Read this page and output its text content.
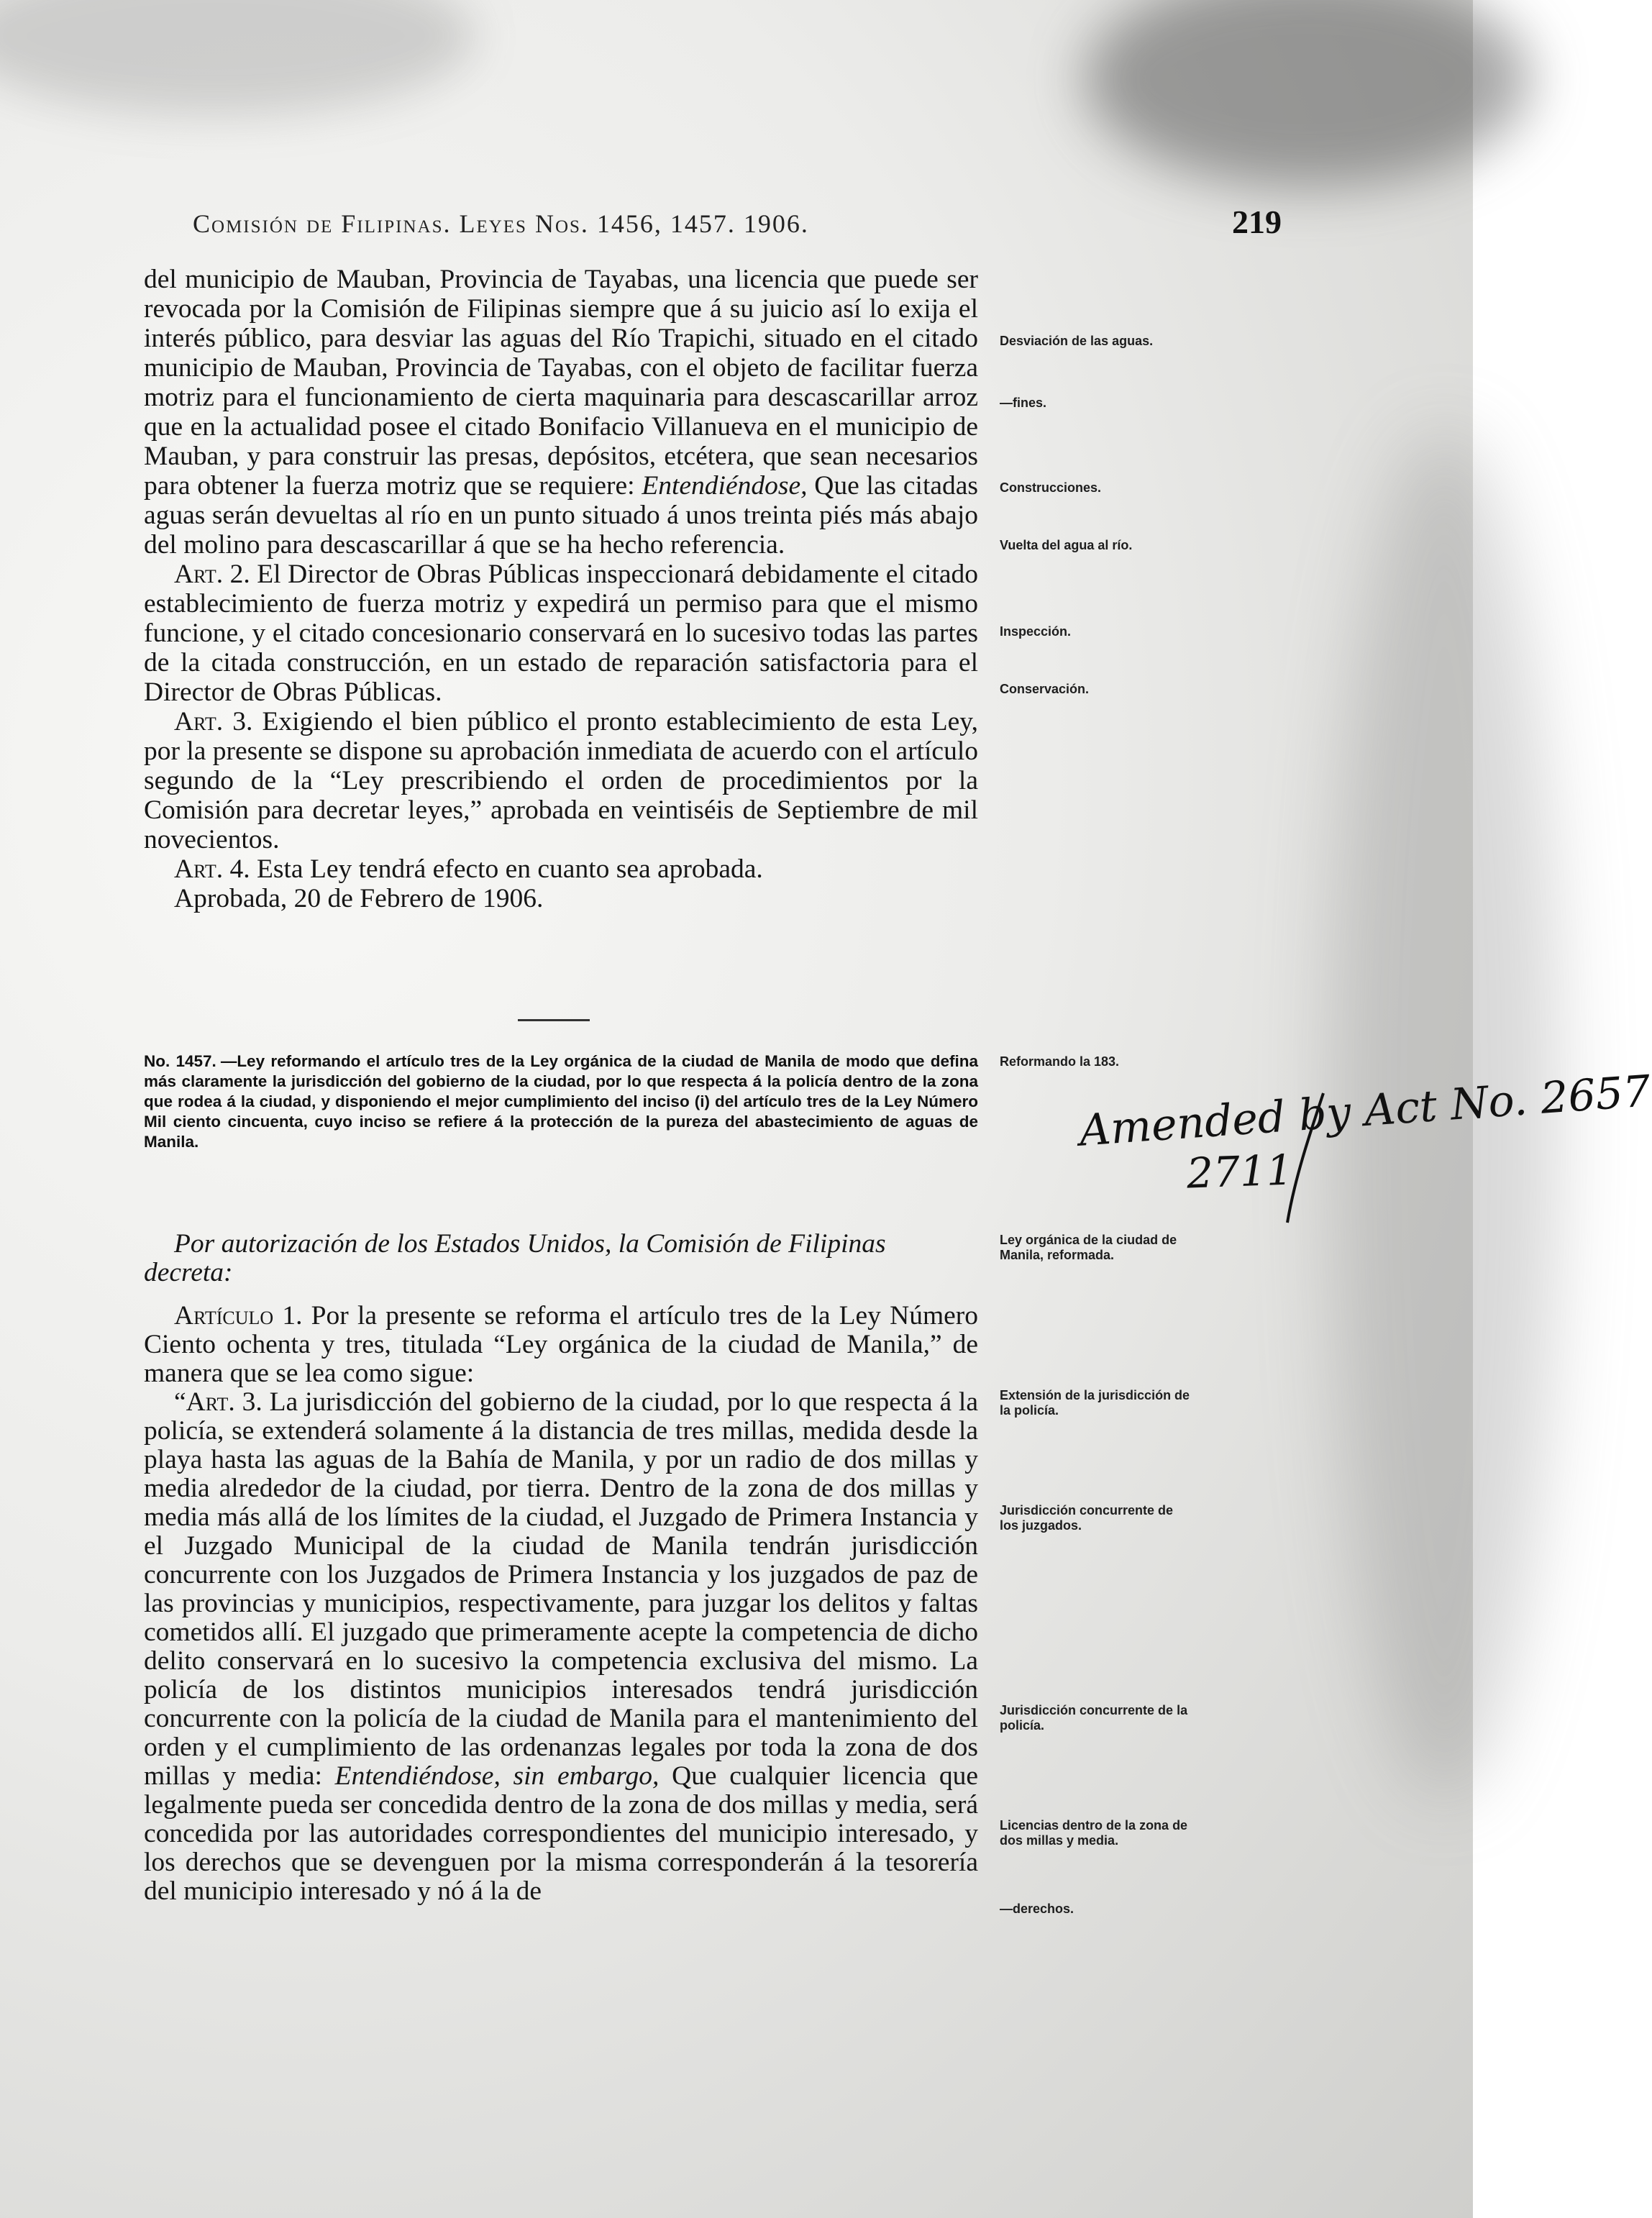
Comisión de Filipinas. Leyes Nos. 1456, 1457. 1906.	219

del municipio de Mauban, Provincia de Tayabas, una licencia que puede ser revocada por la Comisión de Filipinas siempre que á su juicio así lo exija el interés público, para desviar las aguas del Río Trapichi, situado en el citado municipio de Mauban, Provincia de Tayabas, con el objeto de facilitar fuerza motriz para el funcionamiento de cierta maquinaria para descascarillar arroz que en la actualidad posee el citado Bonifacio Villanueva en el municipio de Mauban, y para construir las presas, depósitos, etcétera, que sean necesarios para obtener la fuerza motriz que se requiere: Entendiéndose, Que las citadas aguas serán devueltas al río en un punto situado á unos treinta piés más abajo del molino para descascarillar á que se ha hecho referencia.

Art. 2. El Director de Obras Públicas inspeccionará debidamente el citado establecimiento de fuerza motriz y expedirá un permiso para que el mismo funcione, y el citado concesionario conservará en lo sucesivo todas las partes de la citada construcción, en un estado de reparación satisfactoria para el Director de Obras Públicas.

Art. 3. Exigiendo el bien público el pronto establecimiento de esta Ley, por la presente se dispone su aprobación inmediata de acuerdo con el artículo segundo de la “Ley prescribiendo el orden de procedimientos por la Comisión para decretar leyes,” aprobada en veintiséis de Septiembre de mil novecientos.

Art. 4. Esta Ley tendrá efecto en cuanto sea aprobada.

Aprobada, 20 de Febrero de 1906.

No. 1457. —Ley reformando el artículo tres de la Ley orgánica de la ciudad de Manila de modo que defina más claramente la jurisdicción del gobierno de la ciudad, por lo que respecta á la policía dentro de la zona que rodea á la ciudad, y disponiendo el mejor cumplimiento del inciso (i) del artículo tres de la Ley Número Mil ciento cincuenta, cuyo inciso se refiere á la protección de la pureza del abastecimiento de aguas de Manila.	Amended by Act No. 2657
2711

Por autorización de los Estados Unidos, la Comisión de Filipinas decreta:

Artículo 1. Por la presente se reforma el artículo tres de la Ley Número Ciento ochenta y tres, titulada “Ley orgánica de la ciudad de Manila,” de manera que se lea como sigue:

“Art. 3. La jurisdicción del gobierno de la ciudad, por lo que respecta á la policía, se extenderá solamente á la distancia de tres millas, medida desde la playa hasta las aguas de la Bahía de Manila, y por un radio de dos millas y media alrededor de la ciudad, por tierra. Dentro de la zona de dos millas y media más allá de los límites de la ciudad, el Juzgado de Primera Instancia y el Juzgado Municipal de la ciudad de Manila tendrán jurisdicción concurrente con los Juzgados de Primera Instancia y los juzgados de paz de las provincias y municipios, respectivamente, para juzgar los delitos y faltas cometidos allí. El juzgado que primeramente acepte la competencia de dicho delito conservará en lo sucesivo la competencia exclusiva del mismo. La policía de los distintos municipios interesados tendrá jurisdicción concurrente con la policía de la ciudad de Manila para el mantenimiento del orden y el cumplimiento de las ordenanzas legales por toda la zona de dos millas y media: Entendiéndose, sin embargo, Que cualquier licencia que legalmente pueda ser concedida dentro de la zona de dos millas y media, será concedida por las autoridades correspondientes del municipio interesado, y los derechos que se devenguen por la misma corresponderán á la tesorería del municipio interesado y nó á la de

Desviación de las aguas.
—fines.
Construcciones.
Vuelta del agua al río.
Inspección.
Conservación.
Reformando la 183.
Ley orgánica de la ciudad de Manila, reformada.
Extensión de la jurisdicción de la policía.
Jurisdicción concurrente de los juzgados.
Jurisdicción concurrente de la policía.
Licencias dentro de la zona de dos millas y media.
—derechos.
